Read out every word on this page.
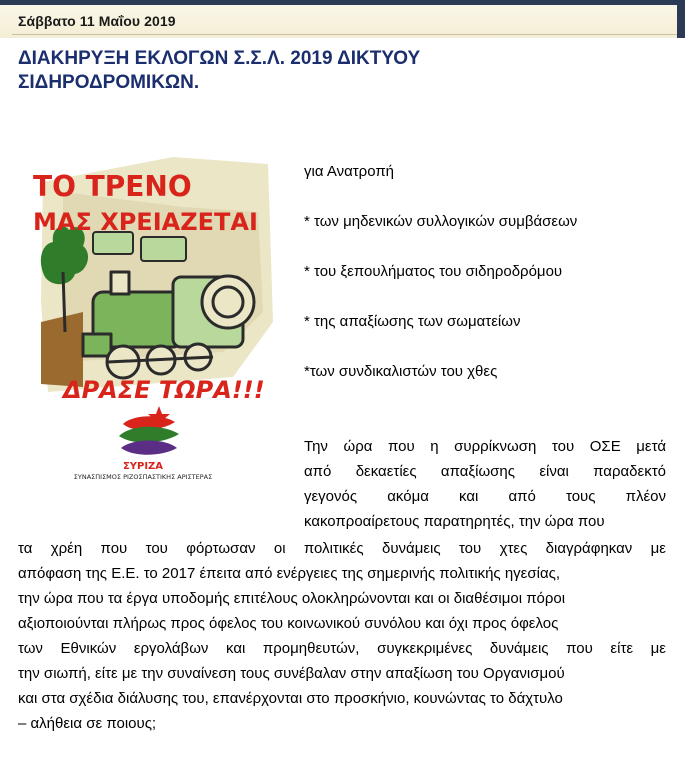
Σάββατο 11 Μαΐου 2019
ΔΙΑΚΗΡΥΞΗ ΕΚΛΟΓΩΝ Σ.Σ.Λ. 2019 ΔΙΚΤΥΟΥ
ΣΙΔΗΡΟΔΡΟΜΙΚΩΝ.
ΤΟ ΤΡΕΝΟ
ΜΑΣ ΧΡΕΙΑΖΕΤΑΙ
ΔΡΑΣΕ ΤΩΡΑ!!!
ΣΥΡΙΖΑ
ΣΥΝΑΣΠΙΣΜΟΣ ΡΙΖΟΣΠΑΣΤΙΚΗΣ ΑΡΙΣΤΕΡΑΣ
για Ανατροπή
* των μηδενικών συλλογικών συμβάσεων
* του ξεπουλήματος του σιδηροδρόμου
* της απαξίωσης των σωματείων
*των συνδικαλιστών του χθες
Την ώρα που η συρρίκνωση του ΟΣΕ μετά
από δεκαετίες απαξίωσης είναι παραδεκτό
γεγονός ακόμα και από τους πλέον
κακοπροαίρετους παρατηρητές, την ώρα που
τα χρέη που του φόρτωσαν οι πολιτικές δυνάμεις του χτες διαγράφηκαν με
απόφαση της Ε.Ε. το 2017 έπειτα από ενέργειες της σημερινής πολιτικής ηγεσίας,
την ώρα που τα έργα υποδομής επιτέλους ολοκληρώνονται και οι διαθέσιμοι πόροι
αξιοποιούνται πλήρως προς όφελος του κοινωνικού συνόλου και όχι προς όφελος
των Εθνικών εργολάβων και προμηθευτών, συγκεκριμένες δυνάμεις που είτε με
την σιωπή, είτε με την συναίνεση τους συνέβαλαν στην απαξίωση του Οργανισμού
και στα σχέδια διάλυσης του, επανέρχονται στο προσκήνιο, κουνώντας το δάχτυλο
– αλήθεια σε ποιους;
